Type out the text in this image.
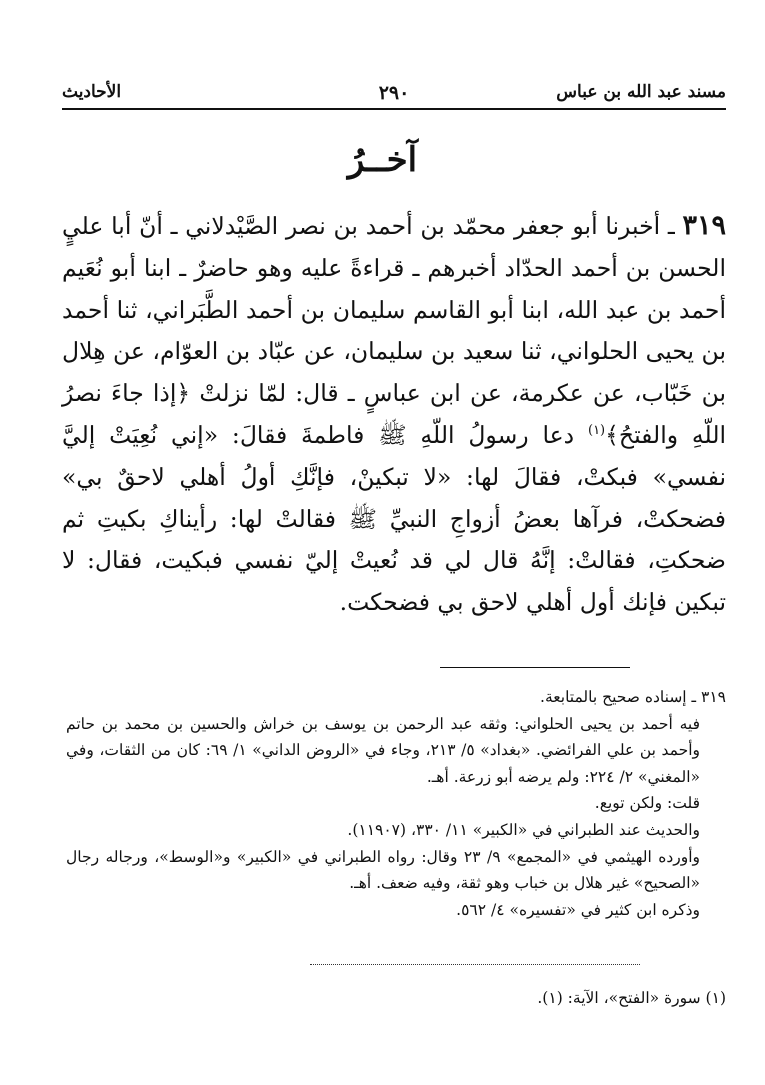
مسند عبد الله بن عباس
٢٩٠
الأحاديث
آخــرُ

٣١٩ ـ أخبرنا أبو جعفر محمّد بن أحمد بن نصر الصَّيْدلاني ـ أنّ أبا عليٍ الحسن بن أحمد الحدّاد أخبرهم ـ قراءةً عليه وهو حاضرٌ ـ ابنا أبو نُعَيم أحمد بن عبد الله، ابنا أبو القاسم سليمان بن أحمد الطَّبَراني، ثنا أحمد بن يحيى الحلواني، ثنا سعيد بن سليمان، عن عبّاد بن العوّام، عن هِلال بن خَبّاب، عن عكرمة، عن ابن عباسٍ ـ قال: لمّا نزلتْ ﴿إذا جاءَ نصرُ اللّهِ والفتحُ﴾$^{(١)}$ دعا رسولُ اللّهِ ﷺ فاطمةَ فقالَ: «إني نُعِيَتْ إليَّ نفسي» فبكتْ، فقالَ لها: «لا تبكينْ، فإنَّكِ أولُ أهلي لاحقٌ بي» فضحكتْ، فرآها بعضُ أزواجِ النبيِّ ﷺ فقالتْ لها: رأيناكِ بكيتِ ثم ضحكتِ، فقالتْ: إنَّهُ قال لي قد نُعيتْ إليّ نفسي فبكيت، فقال: لا تبكين فإنك أول أهلي لاحق بي فضحكت.

٣١٩ ـ إسناده صحيح بالمتابعة.

فيه أحمد بن يحيى الحلواني: وثقه عبد الرحمن بن يوسف بن خراش والحسين بن محمد بن حاتم وأحمد بن علي الفرائضي. «بغداد» ٥/ ٢١٣، وجاء في «الروض الداني» ١/ ٦٩: كان من الثقات، وفي «المغني» ٢/ ٢٢٤: ولم يرضه أبو زرعة. أهـ.

قلت: ولكن تويع.

والحديث عند الطبراني في «الكبير» ١١/ ٣٣٠، (١١٩٠٧).

وأورده الهيثمي في «المجمع» ٩/ ٢٣ وقال: رواه الطبراني في «الكبير» و«الوسط»، ورجاله رجال «الصحيح» غير هلال بن خباب وهو ثقة، وفيه ضعف. أهـ.

وذكره ابن كثير في «تفسيره» ٤/ ٥٦٢.

(١) سورة «الفتح»، الآية: (١).
